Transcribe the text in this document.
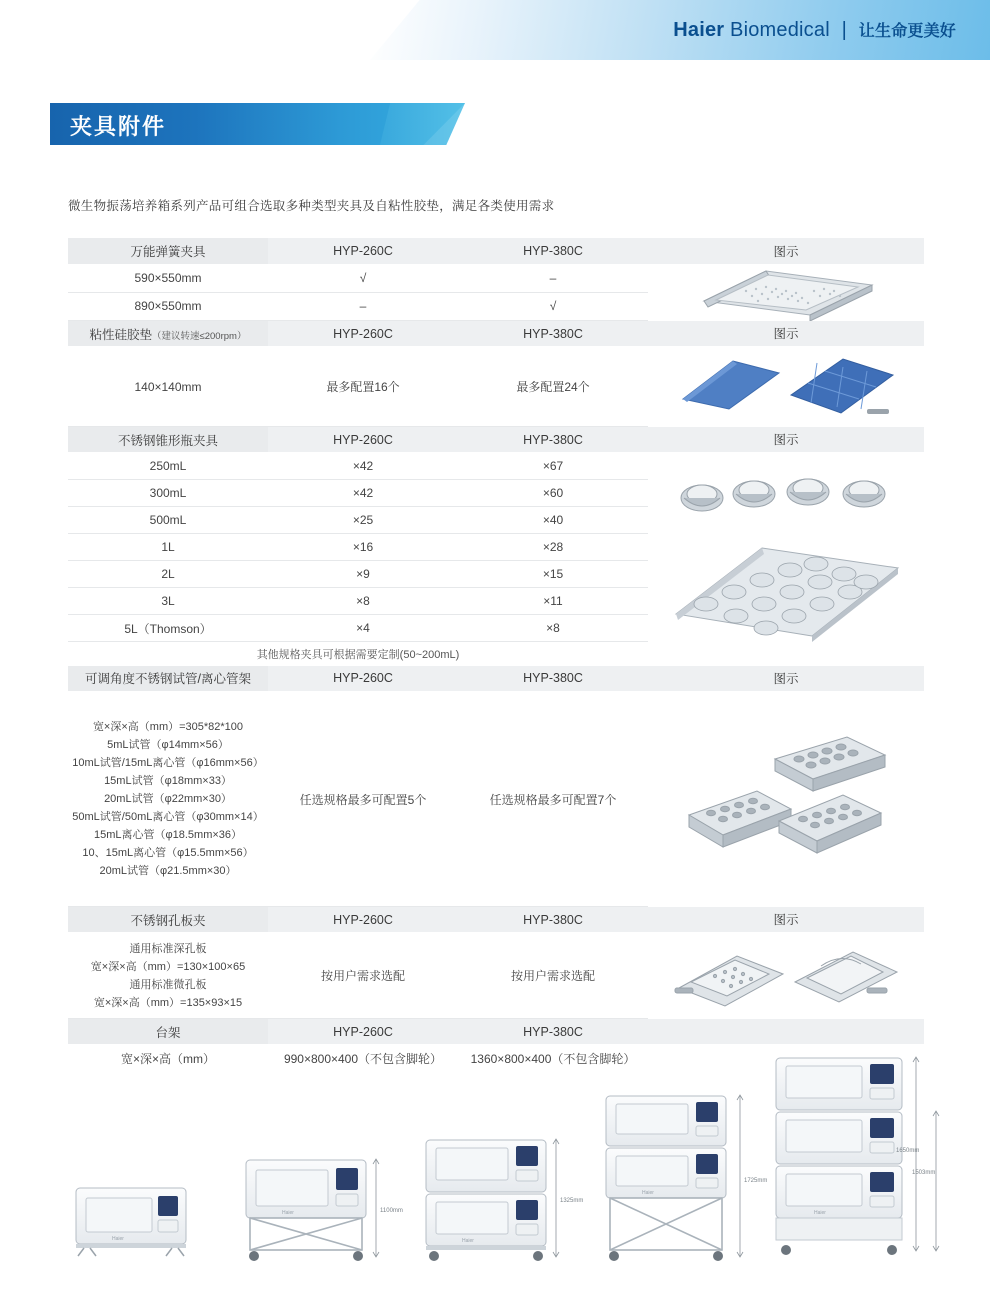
Haier Biomedical | 让生命更美好
夹具附件
微生物振荡培养箱系列产品可组合选取多种类型夹具及自粘性胶垫，满足各类使用需求
万能弹簧夹具	HYP-260C	HYP-380C	图示
590×550mm	√	–	

890×550mm	–	√	
粘性硅胶垫（建议转速≤200rpm）	HYP-260C	HYP-380C	图示
140×140mm	最多配置16个	最多配置24个	

不锈钢锥形瓶夹具	HYP-260C	HYP-380C	图示
250mL	×42	×67	

300mL	×42	×60	
500mL	×25	×40	
1L	×16	×28	
2L	×9	×15	
3L	×8	×11	
5L（Thomson）	×4	×8	
其他规格夹具可根据需要定制(50~200mL)			
可调角度不锈钢试管/离心管架	HYP-260C	HYP-380C	图示

宽×深×高（mm）=305*82*100
5mL试管（φ14mm×56）
10mL试管/15mL离心管（φ16mm×56）
15mL试管（φ18mm×33）
20mL试管（φ22mm×30）
50mL试管/50mL离心管（φ30mm×14）
15mL离心管（φ18.5mm×36）
10、15mL离心管（φ15.5mm×56）
20mL试管（φ21.5mm×30）
	任选规格最多可配置5个	任选规格最多可配置7个	

不锈钢孔板夹	HYP-260C	HYP-380C	图示

通用标准深孔板
宽×深×高（mm）=130×100×65
通用标准微孔板
宽×深×高（mm）=135×93×15	按用户需求选配	按用户需求选配	

台架	HYP-260C	HYP-380C	
宽×深×高（mm）	990×800×400（不包含脚轮）	1360×800×400（不包含脚轮）	
Haier
Haier	1100mm
Haier
1325mm
Haier
1725mm
Haier
1650mm
1503mm
